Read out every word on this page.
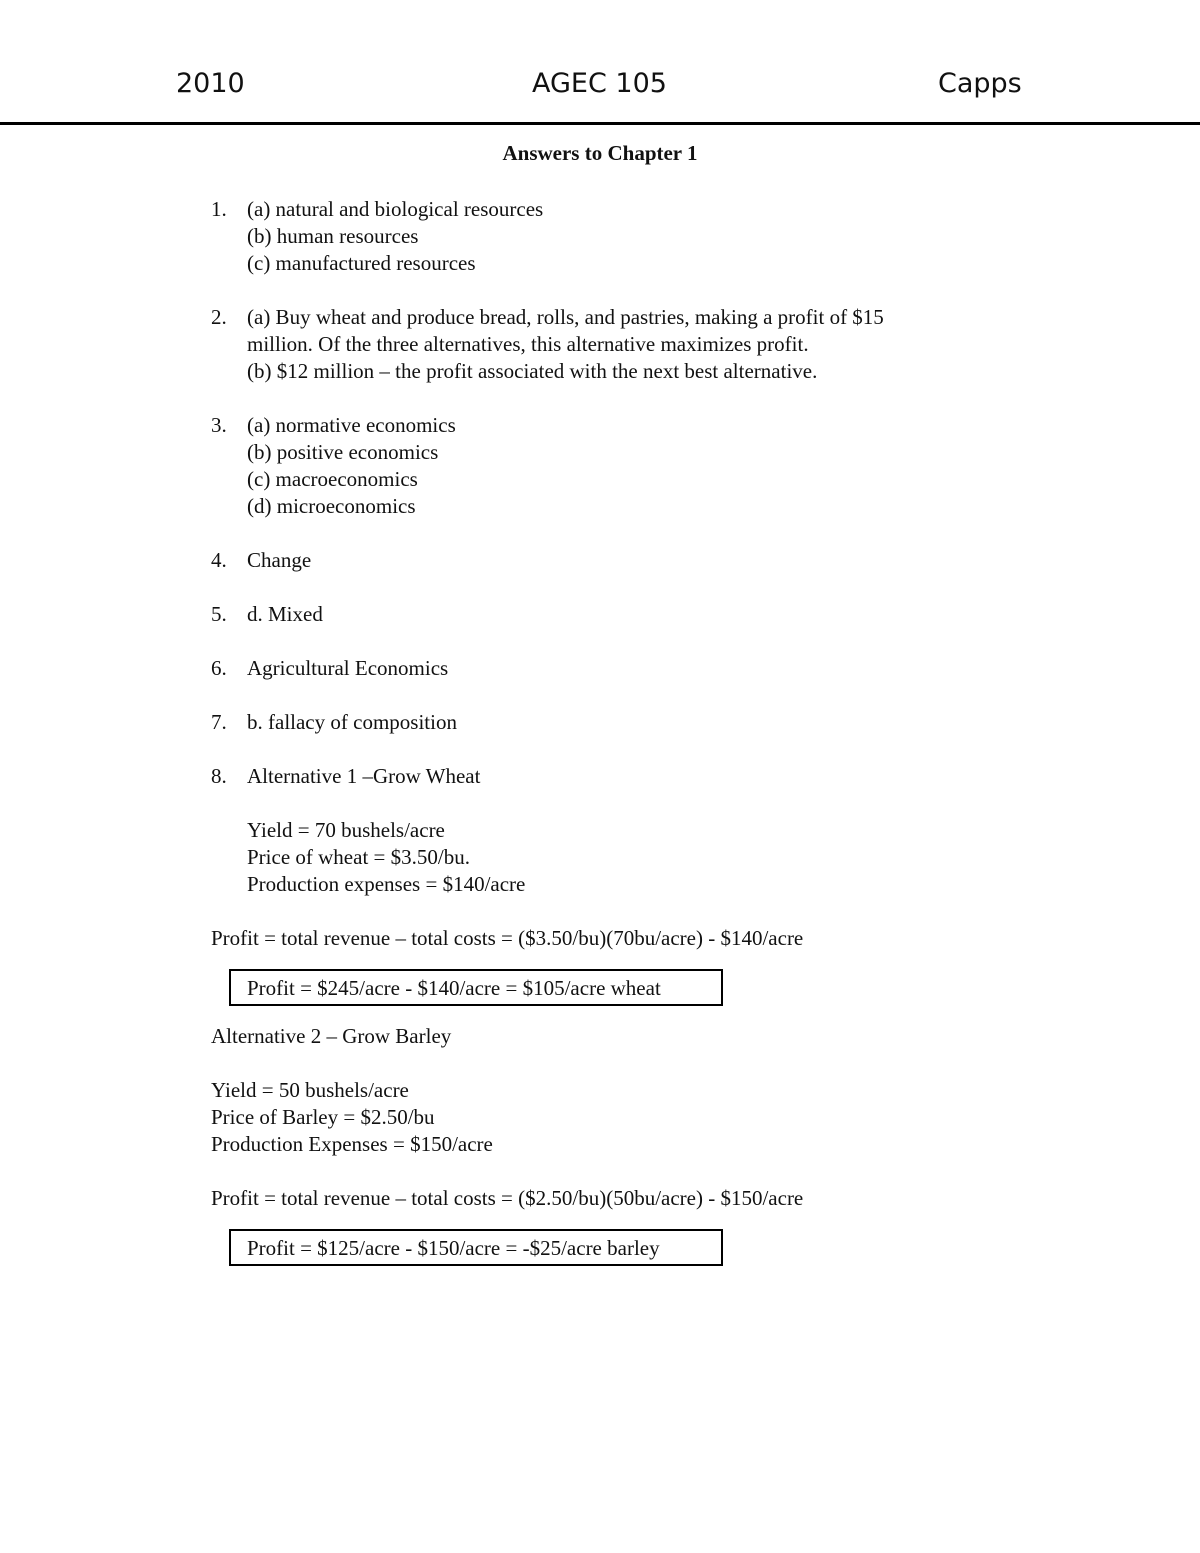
2010	AGEC 105	Capps
Answers to Chapter 1
1. (a) natural and biological resources
(b) human resources
(c) manufactured resources
2. (a) Buy wheat and produce bread, rolls, and pastries, making a profit of $15
million. Of the three alternatives, this alternative maximizes profit.
(b) $12 million – the profit associated with the next best alternative.
3. (a) normative economics
(b) positive economics
(c) macroeconomics
(d) microeconomics
4. Change
5. d. Mixed
6. Agricultural Economics
7. b. fallacy of composition
8. Alternative 1 –Grow Wheat
Yield = 70 bushels/acre
Price of wheat = $3.50/bu.
Production expenses = $140/acre
Profit = total revenue – total costs = ($3.50/bu)(70bu/acre) - $140/acre
Profit = $245/acre - $140/acre = $105/acre wheat
Alternative 2 – Grow Barley
Yield = 50 bushels/acre
Price of Barley = $2.50/bu
Production Expenses = $150/acre
Profit = total revenue – total costs = ($2.50/bu)(50bu/acre) - $150/acre
Profit = $125/acre - $150/acre = -$25/acre barley
